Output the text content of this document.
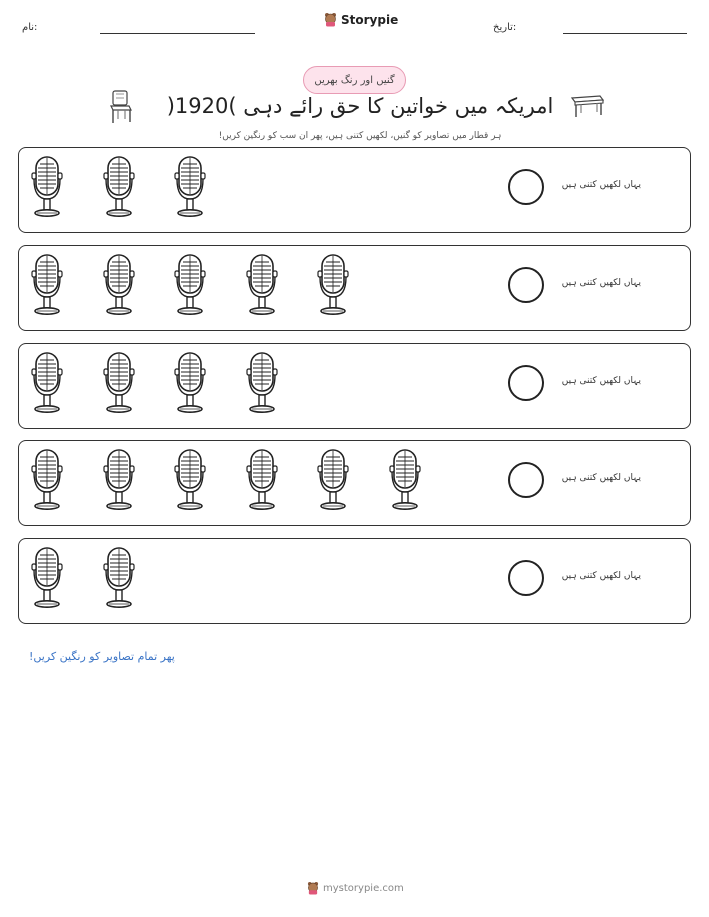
نام:
Storypie
تاریخ:
گنیں اور رنگ بھریں
امریکہ میں خواتین کا حق رائے دہی )1920(
ہر قطار میں تصاویر کو گنیں، لکھیں کتنی ہیں، پھر ان سب کو رنگین کریں!
یہاں لکھیں کتنی ہیں
یہاں لکھیں کتنی ہیں
یہاں لکھیں کتنی ہیں
یہاں لکھیں کتنی ہیں
یہاں لکھیں کتنی ہیں
پھر تمام تصاویر کو رنگین کریں!
mystorypie.com
